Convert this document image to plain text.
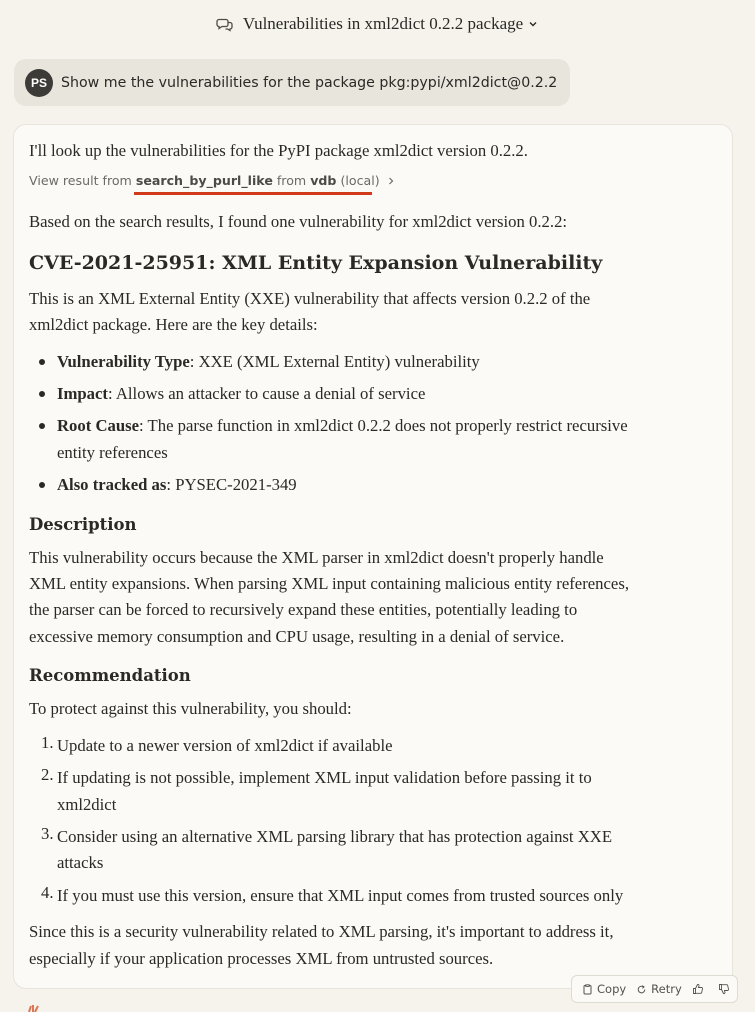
Vulnerabilities in xml2dict 0.2.2 package
PS Show me the vulnerabilities for the package pkg:pypi/xml2dict@0.2.2
I'll look up the vulnerabilities for the PyPI package xml2dict version 0.2.2.
View result from search_by_purl_like from vdb (local)
Based on the search results, I found one vulnerability for xml2dict version 0.2.2:
CVE-2021-25951: XML Entity Expansion Vulnerability
This is an XML External Entity (XXE) vulnerability that affects version 0.2.2 of the
xml2dict package. Here are the key details:
Vulnerability Type: XXE (XML External Entity) vulnerability
Impact: Allows an attacker to cause a denial of service
Root Cause: The parse function in xml2dict 0.2.2 does not properly restrict recursive
entity references
Also tracked as: PYSEC-2021-349
Description
This vulnerability occurs because the XML parser in xml2dict doesn't properly handle
XML entity expansions. When parsing XML input containing malicious entity references,
the parser can be forced to recursively expand these entities, potentially leading to
excessive memory consumption and CPU usage, resulting in a denial of service.
Recommendation
To protect against this vulnerability, you should:
1. Update to a newer version of xml2dict if available
2. If updating is not possible, implement XML input validation before passing it to
xml2dict
3. Consider using an alternative XML parsing library that has protection against XXE
attacks
4. If you must use this version, ensure that XML input comes from trusted sources only
Since this is a security vulnerability related to XML parsing, it's important to address it,
especially if your application processes XML from untrusted sources.
Copy Retry
